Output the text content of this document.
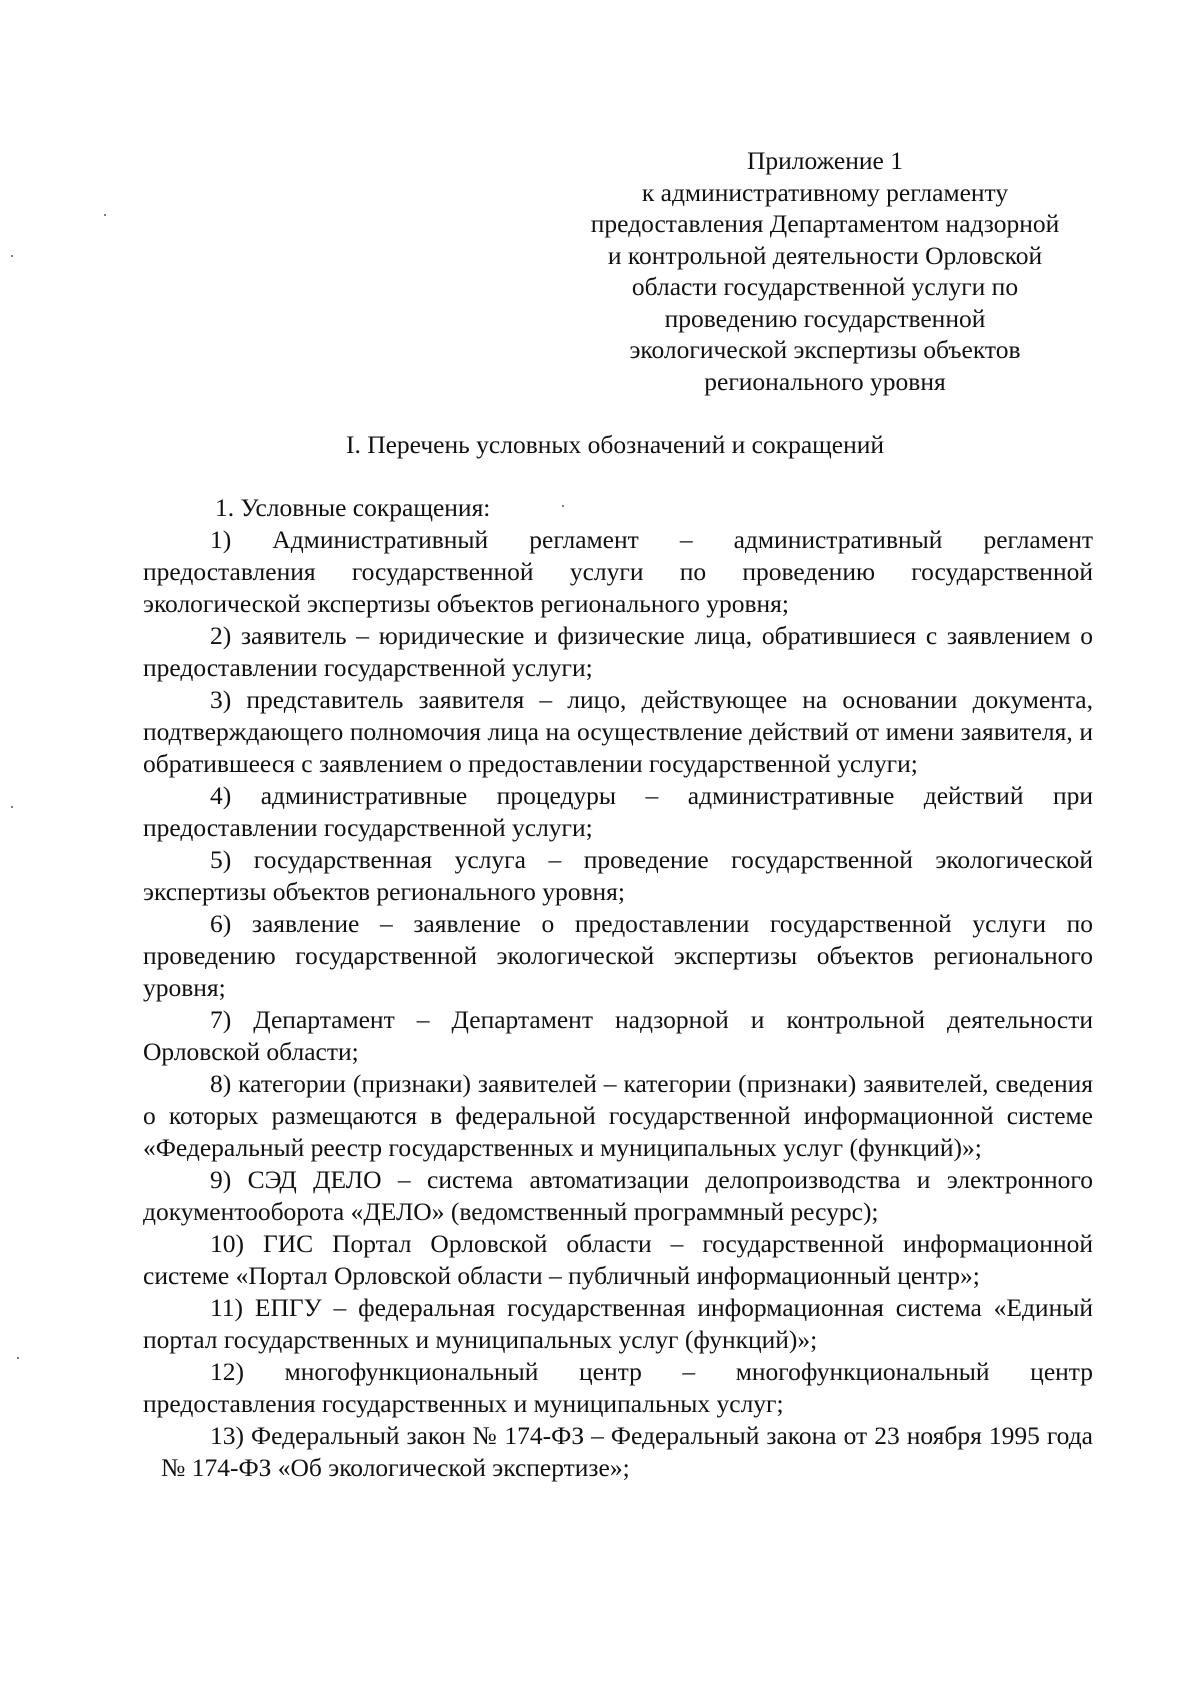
Приложение 1
к административному регламенту
предоставления Департаментом надзорной
и контрольной деятельности Орловской
области государственной услуги по
проведению государственной
экологической экспертизы объектов
регионального уровня
I. Перечень условных обозначений и сокращений

1. Условные сокращения:

1) Административный регламент – административный регламент предоставления государственной услуги по проведению государственной экологической экспертизы объектов регионального уровня;

2) заявитель – юридические и физические лица, обратившиеся с заявлением о предоставлении государственной услуги;

3) представитель заявителя – лицо, действующее на основании документа, подтверждающего полномочия лица на осуществление действий от имени заявителя, и обратившееся с заявлением о предоставлении государственной услуги;

4) административные процедуры – административные действий при предоставлении государственной услуги;

5) государственная услуга – проведение государственной экологической экспертизы объектов регионального уровня;

6) заявление – заявление о предоставлении государственной услуги по проведению государственной экологической экспертизы объектов регионального уровня;

7) Департамент – Департамент надзорной и контрольной деятельности Орловской области;

8) категории (признаки) заявителей – категории (признаки) заявителей, сведения о которых размещаются в федеральной государственной информационной системе «Федеральный реестр государственных и муниципальных услуг (функций)»;

9) СЭД ДЕЛО – система автоматизации делопроизводства и электронного документооборота «ДЕЛО» (ведомственный программный ресурс);

10) ГИС Портал Орловской области – государственной информационной системе «Портал Орловской области – публичный информационный центр»;

11) ЕПГУ – федеральная государственная информационная система «Единый портал государственных и муниципальных услуг (функций)»;

12) многофункциональный центр – многофункциональный центр предоставления государственных и муниципальных услуг;

13) Федеральный закон № 174-ФЗ – Федеральный закона от 23 ноября 1995 года № 174-ФЗ «Об экологической экспертизе»;
